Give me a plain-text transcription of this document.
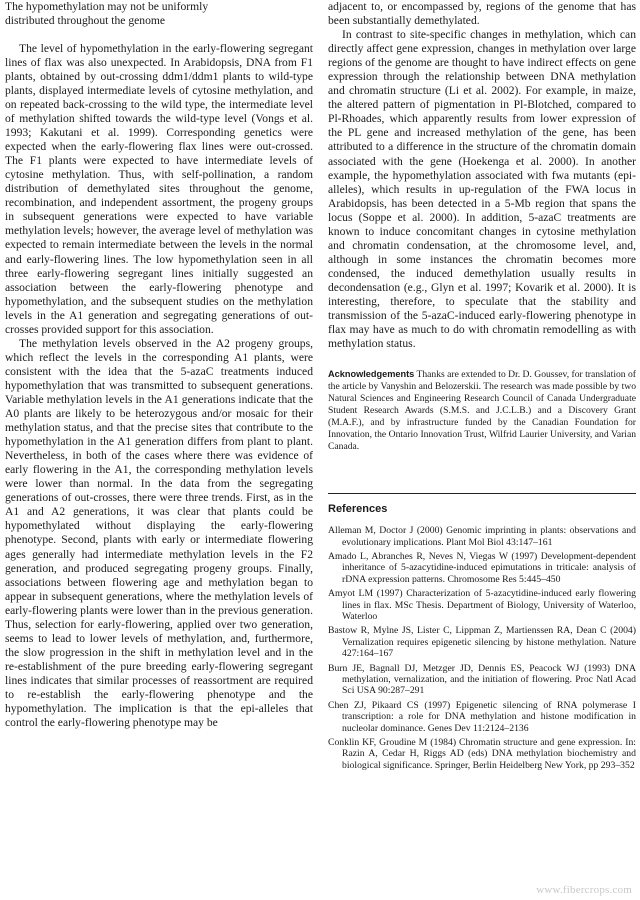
The hypomethylation may not be uniformly
distributed throughout the genome

The level of hypomethylation in the early-flowering segregant lines of flax was also unexpected. In Arabidopsis, DNA from F1 plants, obtained by out-crossing ddm1/ddm1 plants to wild-type plants, displayed intermediate levels of cytosine methylation, and on repeated back-crossing to the wild type, the intermediate level of methylation shifted towards the wild-type level (Vongs et al. 1993; Kakutani et al. 1999). Corresponding genetics were expected when the early-flowering flax lines were out-crossed. The F1 plants were expected to have intermediate levels of cytosine methylation. Thus, with self-pollination, a random distribution of demethylated sites throughout the genome, recombination, and independent assortment, the progeny groups in subsequent generations were expected to have variable methylation levels; however, the average level of methylation was expected to remain intermediate between the levels in the normal and early-flowering lines. The low hypomethylation seen in all three early-flowering segregant lines initially suggested an association between the early-flowering phenotype and hypomethylation, and the subsequent studies on the methylation levels in the A1 generation and segregating generations of out-crosses provided support for this association.

The methylation levels observed in the A2 progeny groups, which reflect the levels in the corresponding A1 plants, were consistent with the idea that the 5-azaC treatments induced hypomethylation that was transmitted to subsequent generations. Variable methylation levels in the A1 generations indicate that the A0 plants are likely to be heterozygous and/or mosaic for their methylation status, and that the precise sites that contribute to the hypomethylation in the A1 generation differs from plant to plant. Nevertheless, in both of the cases where there was evidence of early flowering in the A1, the corresponding methylation levels were lower than normal. In the data from the segregating generations of out-crosses, there were three trends. First, as in the A1 and A2 generations, it was clear that plants could be hypomethylated without displaying the early-flowering phenotype. Second, plants with early or intermediate flowering ages generally had intermediate methylation levels in the F2 generation, and produced segregating progeny groups. Finally, associations between flowering age and methylation began to appear in subsequent generations, where the methylation levels of early-flowering plants were lower than in the previous generation. Thus, selection for early-flowering, applied over two generation, seems to lead to lower levels of methylation, and, furthermore, the slow progression in the shift in methylation level and in the re-establishment of the pure breeding early-flowering segregant lines indicates that similar processes of reassortment are required to re-establish the early-flowering phenotype and the hypomethylation. The implication is that the epi-alleles that control the early-flowering phenotype may be

adjacent to, or encompassed by, regions of the genome that has been substantially demethylated.

In contrast to site-specific changes in methylation, which can directly affect gene expression, changes in methylation over large regions of the genome are thought to have indirect effects on gene expression through the relationship between DNA methylation and chromatin structure (Li et al. 2002). For example, in maize, the altered pattern of pigmentation in Pl-Blotched, compared to Pl-Rhoades, which apparently results from lower expression of the PL gene and increased methylation of the gene, has been attributed to a difference in the structure of the chromatin domain associated with the gene (Hoekenga et al. 2000). In another example, the hypomethylation associated with fwa mutants (epi-alleles), which results in up-regulation of the FWA locus in Arabidopsis, has been detected in a 5-Mb region that spans the locus (Soppe et al. 2000). In addition, 5-azaC treatments are known to induce concomitant changes in cytosine methylation and chromatin condensation, at the chromosome level, and, although in some instances the chromatin becomes more condensed, the induced demethylation usually results in decondensation (e.g., Glyn et al. 1997; Kovarik et al. 2000). It is interesting, therefore, to speculate that the stability and transmission of the 5-azaC-induced early-flowering phenotype in flax may have as much to do with chromatin remodelling as with methylation status.

Acknowledgements Thanks are extended to Dr. D. Goussev, for translation of the article by Vanyshin and Belozerskii. The research was made possible by two Natural Sciences and Engineering Research Council of Canada Undergraduate Student Research Awards (S.M.S. and J.C.L.B.) and a Discovery Grant (M.A.F.), and by infrastructure funded by the Canadian Foundation for Innovation, the Ontario Innovation Trust, Wilfrid Laurier University, and Varian Canada.
References

Alleman M, Doctor J (2000) Genomic imprinting in plants: observations and evolutionary implications. Plant Mol Biol 43:147–161

Amado L, Abranches R, Neves N, Viegas W (1997) Development-dependent inheritance of 5-azacytidine-induced epimutations in triticale: analysis of rDNA expression patterns. Chromosome Res 5:445–450

Amyot LM (1997) Characterization of 5-azacytidine-induced early flowering lines in flax. MSc Thesis. Department of Biology, University of Waterloo, Waterloo

Bastow R, Mylne JS, Lister C, Lippman Z, Martienssen RA, Dean C (2004) Vernalization requires epigenetic silencing by histone methylation. Nature 427:164–167

Burn JE, Bagnall DJ, Metzger JD, Dennis ES, Peacock WJ (1993) DNA methylation, vernalization, and the initiation of flowering. Proc Natl Acad Sci USA 90:287–291

Chen ZJ, Pikaard CS (1997) Epigenetic silencing of RNA polymerase I transcription: a role for DNA methylation and histone modification in nucleolar dominance. Genes Dev 11:2124–2136

Conklin KF, Groudine M (1984) Chromatin structure and gene expression. In: Razin A, Cedar H, Riggs AD (eds) DNA methylation biochemistry and biological significance. Springer, Berlin Heidelberg New York, pp 293–352

www.fibercrops.com
